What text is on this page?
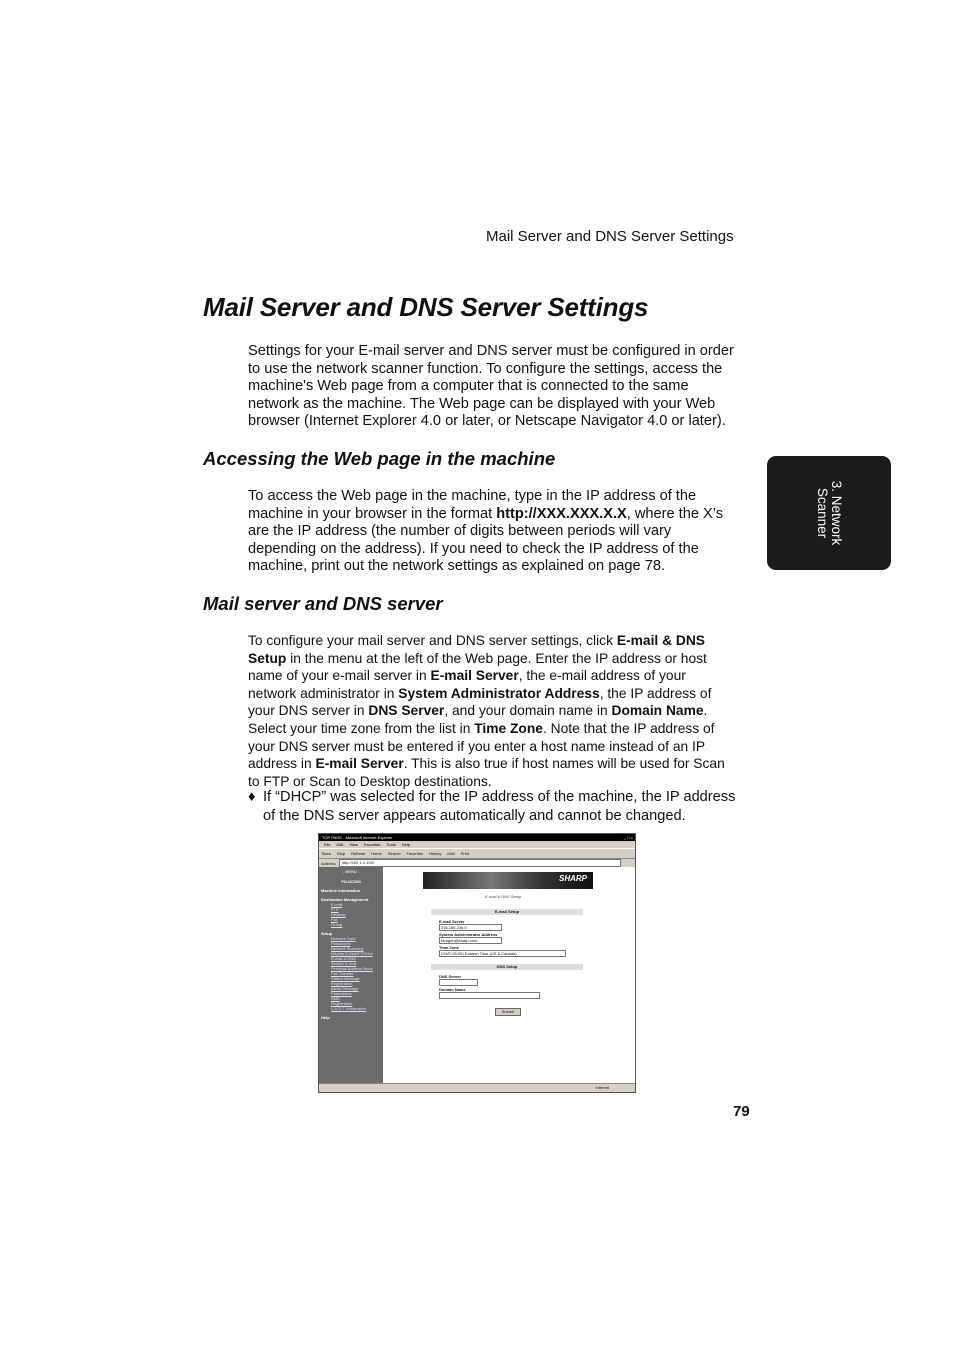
Mail Server and DNS Server Settings
Mail Server and DNS Server Settings

Settings for your E-mail server and DNS server must be configured in order to use the network scanner function. To configure the settings, access the machine's Web page from a computer that is connected to the same network as the machine. The Web page can be displayed with your Web browser (Internet Explorer 4.0 or later, or Netscape Navigator 4.0 or later).

Accessing the Web page in the machine

To access the Web page in the machine, type in the IP address of the machine in your browser in the format http://XXX.XXX.X.X, where the X’s are the IP address (the number of digits between periods will vary depending on the address). If you need to check the IP address of the machine, print out the network settings as explained on page 78.

Mail server and DNS server

To configure your mail server and DNS server settings, click E-mail & DNS Setup in the menu at the left of the Web page. Enter the IP address or host name of your e-mail server in E-mail Server, the e-mail address of your network administrator in System Administrator Address, the IP address of your DNS server in DNS Server, and your domain name in Domain Name. Select your time zone from the list in Time Zone. Note that the IP address of your DNS server must be entered if you enter a host name instead of an IP address in E-mail Server. This is also true if host names will be used for Scan to FTP or Scan to Desktop destinations.

♦ If “DHCP” was selected for the IP address of the machine, the IP address of the DNS server appears automatically and cannot be changed.
3. Network
Scanner
TOP PAGE - Microsoft Internet Explorer	_ □ ×
File Edit View Favorites Tools Help
Back Stop Refresh Home Search Favorites History Mail Print
Address	http://192.1.1.100/
- MENU -
FO-DC200
Machine Information
Destination Management
E-mail
FTP
Desktop
Fax
Group
Setup
Network Card
Passwords
Network Scanning
Display E-Mail/FTP/Hdr
E-mail & DNS
Sender E-mail
Personal Address Book
Fax Transfer
Status Message
Registration
Alerts Message
Parameters
SMB
Registration
L.A.S.T. Information
Help
SHARP
E-mail & DNS Setup
E-mail Setup
E-mail Server
216.185.236.0
System Administrator Address
fdragon@sharp.com
Time Zone
(GMT-05:00) Eastern Time (US & Canada)
DNS Setup
DNS Server
Domain Name
Submit
Internet
79
